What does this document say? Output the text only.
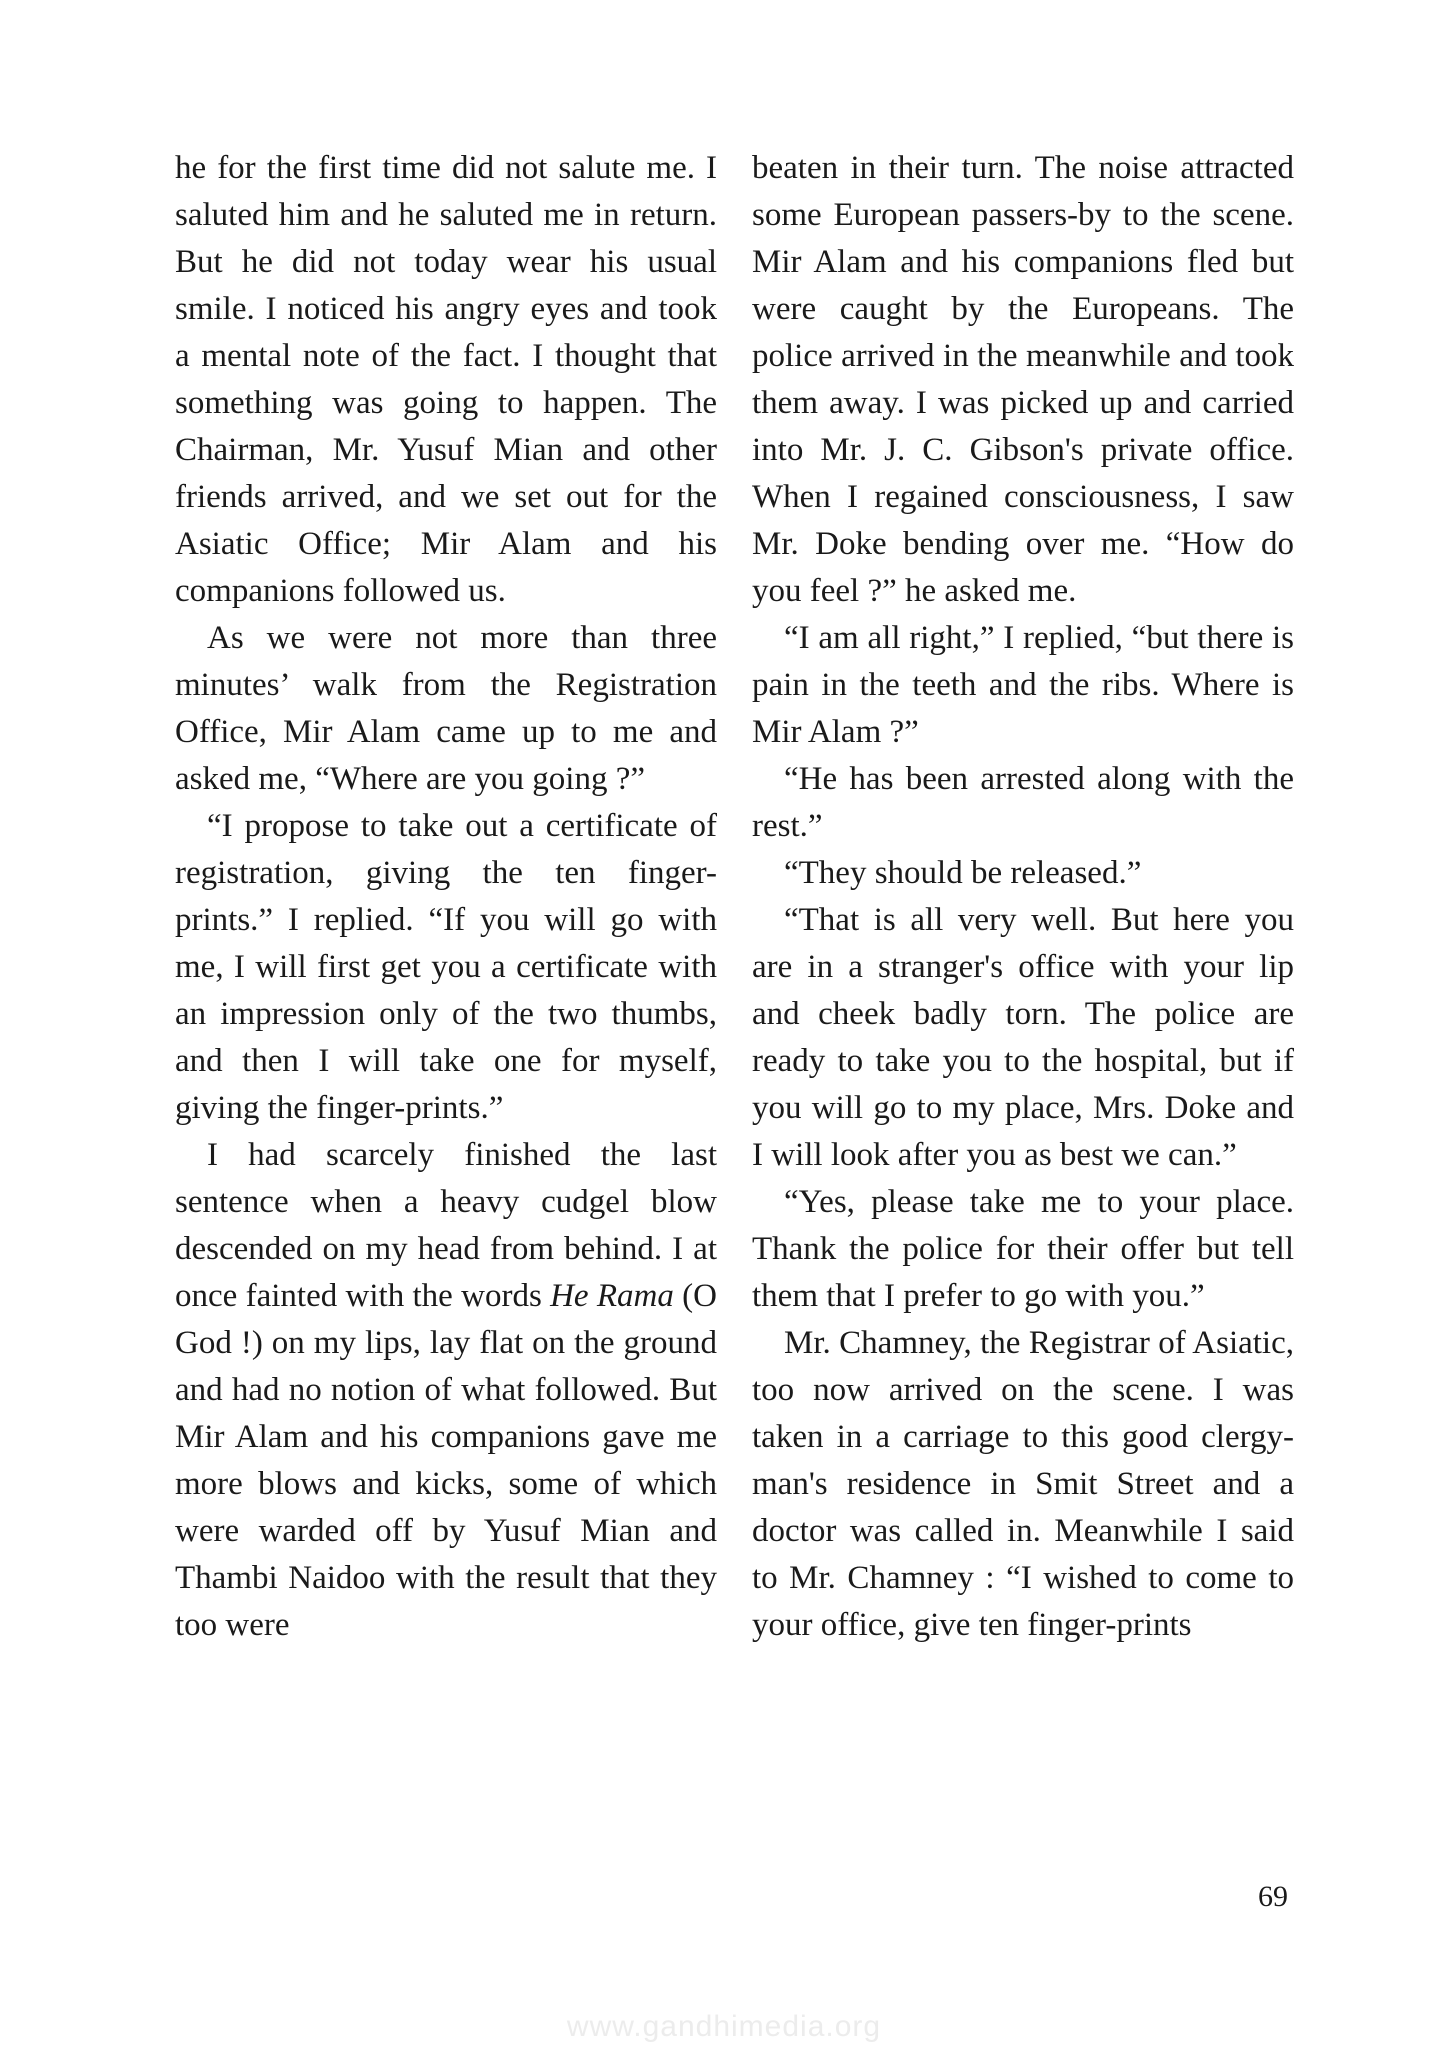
he for the first time did not salute me. I saluted him and he saluted me in return. But he did not today wear his usual smile. I noticed his angry eyes and took a mental note of the fact. I thought that something was going to happen. The Chairman, Mr. Yusuf Mian and other friends arrived, and we set out for the Asiatic Office; Mir Alam and his companions followed us.

As we were not more than three minutes’ walk from the Registration Office, Mir Alam came up to me and asked me, “Where are you going ?”

“I propose to take out a certificate of registration, giving the ten finger-prints.” I replied. “If you will go with me, I will first get you a certificate with an impression only of the two thumbs, and then I will take one for myself, giving the finger-prints.”

I had scarcely finished the last sentence when a heavy cudgel blow descended on my head from behind. I at once fainted with the words He Rama (O God !) on my lips, lay flat on the ground and had no notion of what followed. But Mir Alam and his companions gave me more blows and kicks, some of which were warded off by Yusuf Mian and Thambi Naidoo with the result that they too were

beaten in their turn. The noise attracted some European passers-by to the scene. Mir Alam and his companions fled but were caught by the Europeans. The police arrived in the meanwhile and took them away. I was picked up and carried into Mr. J. C. Gibson's private office. When I regained consciousness, I saw Mr. Doke bending over me. “How do you feel ?” he asked me.

“I am all right,” I replied, “but there is pain in the teeth and the ribs. Where is Mir Alam ?”

“He has been arrested along with the rest.”

“They should be released.”

“That is all very well. But here you are in a stranger's office with your lip and cheek badly torn. The police are ready to take you to the hospital, but if you will go to my place, Mrs. Doke and I will look after you as best we can.”

“Yes, please take me to your place. Thank the police for their offer but tell them that I prefer to go with you.”

Mr. Chamney, the Registrar of Asiatic, too now arrived on the scene. I was taken in a carriage to this good clergy-man's residence in Smit Street and a doctor was called in. Meanwhile I said to Mr. Chamney : “I wished to come to your office, give ten finger-prints

69
www.gandhimedia.org
